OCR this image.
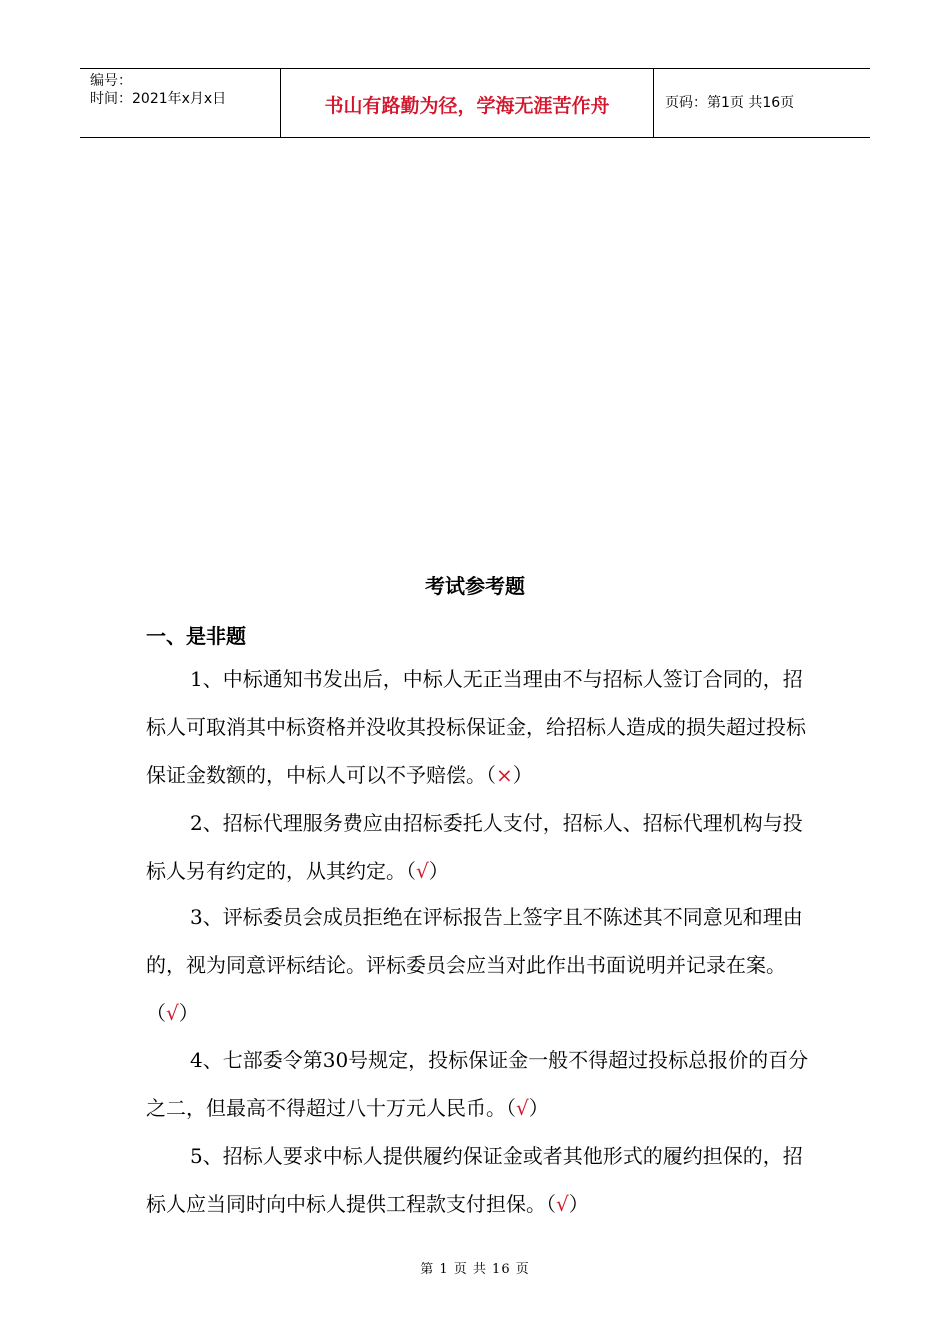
编号：
时间：2021年x月x日	书山有路勤为径，学海无涯苦作舟	页码：第1页 共16页
考试参考题
一、是非题

1、中标通知书发出后，中标人无正当理由不与招标人签订合同的，招标人可取消其中标资格并没收其投标保证金，给招标人造成的损失超过投标保证金数额的，中标人可以不予赔偿。（×）

2、招标代理服务费应由招标委托人支付，招标人、招标代理机构与投标人另有约定的，从其约定。（√）

3、评标委员会成员拒绝在评标报告上签字且不陈述其不同意见和理由的，视为同意评标结论。评标委员会应当对此作出书面说明并记录在案。（√）

4、七部委令第30号规定，投标保证金一般不得超过投标总报价的百分之二，但最高不得超过八十万元人民币。（√）

5、招标人要求中标人提供履约保证金或者其他形式的履约担保的，招标人应当同时向中标人提供工程款支付担保。（√）

第 1 页 共 16 页
